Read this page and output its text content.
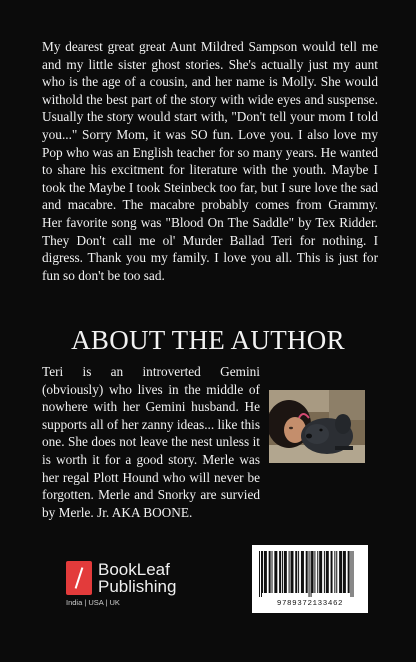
My dearest great great Aunt Mildred Sampson would tell me and my little sister ghost stories. She's actually just my aunt who is the age of a cousin, and her name is Molly. She would withold the best part of the story with wide eyes and suspense. Usually the story would start with, "Don't tell your mom I told you..." Sorry Mom, it was SO fun. Love you. I also love my Pop who was an English teacher for so many years. He wanted to share his excitment for literature with the youth. Maybe I took the Maybe I took Steinbeck too far, but I sure love the sad and macabre. The macabre probably comes from Grammy. Her favorite song was "Blood On The Saddle" by Tex Ridder. They Don't call me ol' Murder Ballad Teri for nothing. I digress. Thank you my family. I love you all. This is just for fun so don't be too sad.
ABOUT THE AUTHOR
Teri is an introverted Gemini (obviously) who lives in the middle of nowhere with her Gemini husband. He supports all of her zanny ideas... like this one. She does not leave the nest unless it is worth it for a good story. Merle was her regal Plott Hound who will never be forgotten. Merle and Snorky are survied by Merle. Jr. AKA BOONE.
BookLeaf
Publishing
India | USA | UK	9789372133462
